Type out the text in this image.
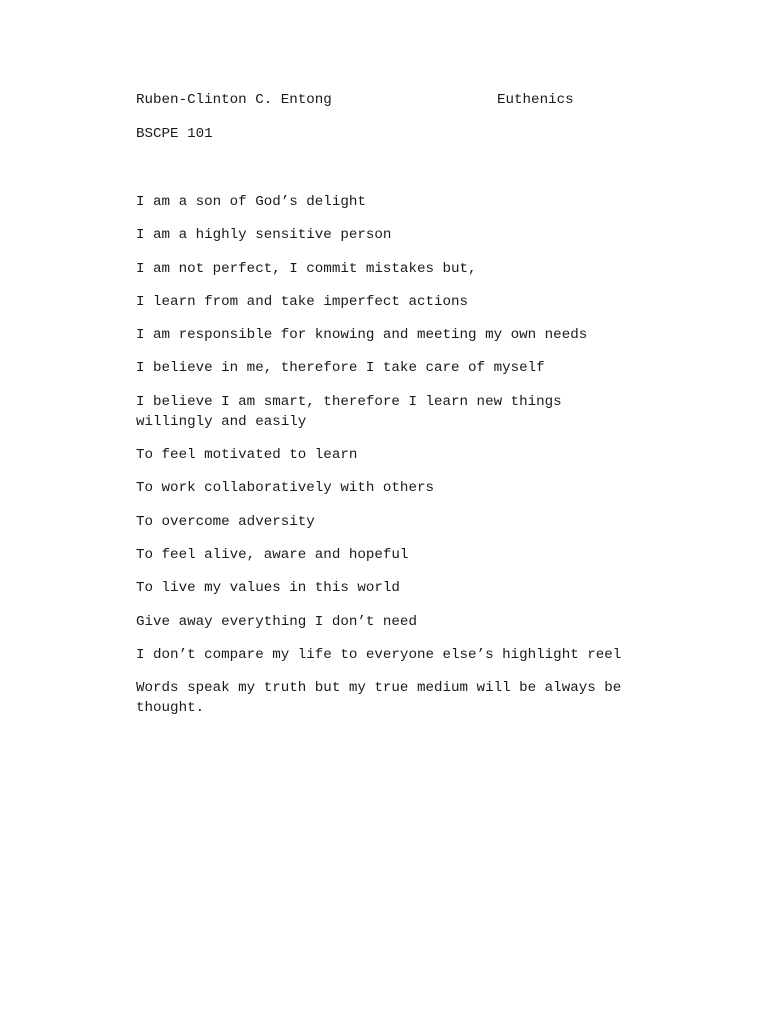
Ruben-Clinton C. Entong

	Euthenics

BSCPE 101
I am a son of God’s delight
I am a highly sensitive person
I am not perfect, I commit mistakes but,
I learn from and take imperfect actions
I am responsible for knowing and meeting my own needs
I believe in me, therefore I take care of myself
I believe I am smart, therefore I learn new things willingly and easily
To feel motivated to learn
To work collaboratively with others
To overcome adversity
To feel alive, aware and hopeful
To live my values in this world
Give away everything I don’t need
I don’t compare my life to everyone else’s highlight reel
Words speak my truth but my true medium will be always be thought.
